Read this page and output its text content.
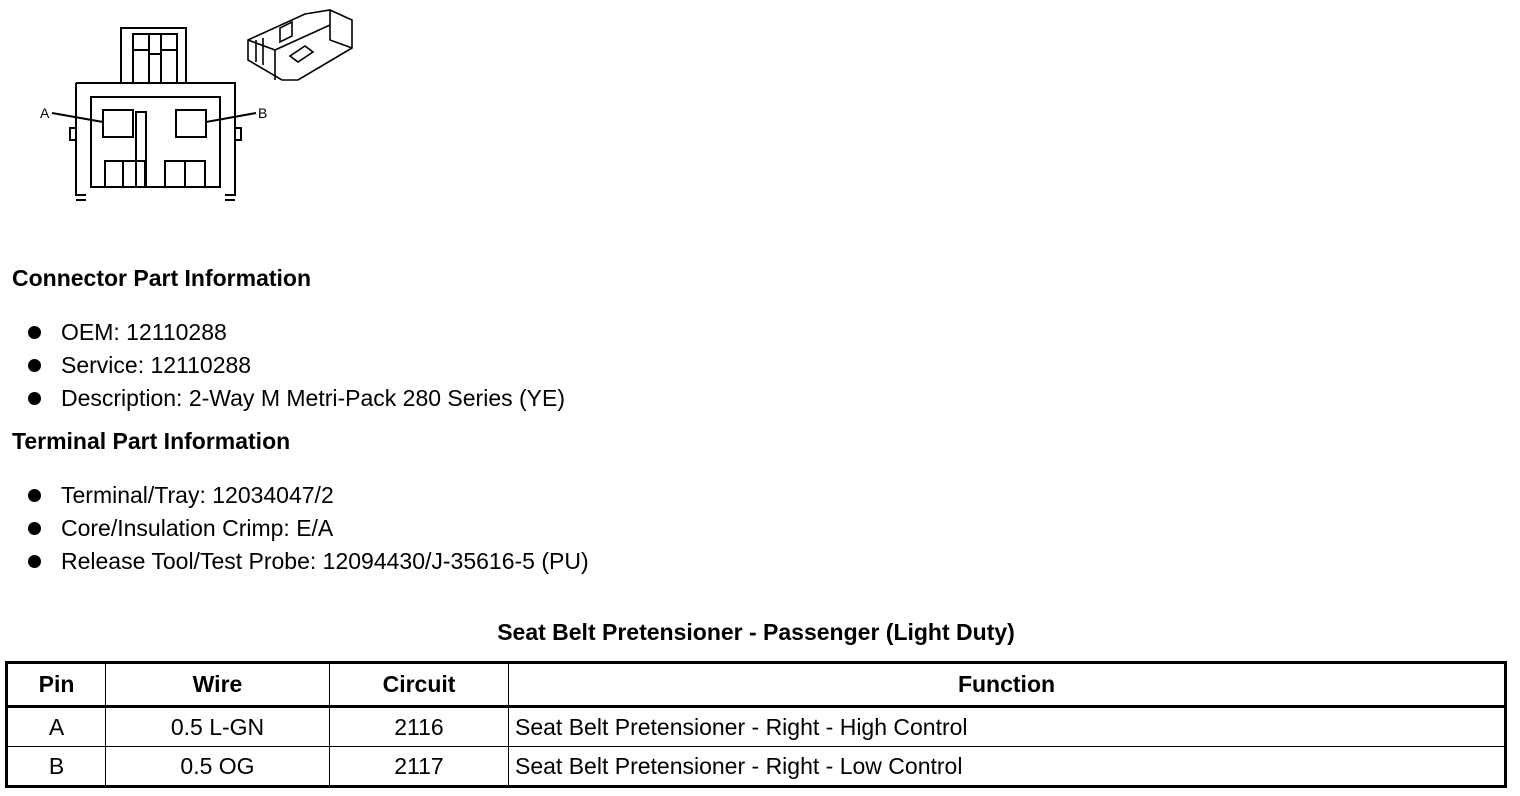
A	B
Connector Part Information
OEM: 12110288
Service: 12110288
Description: 2-Way M Metri-Pack 280 Series (YE)
Terminal Part Information
Terminal/Tray: 12034047/2
Core/Insulation Crimp: E/A
Release Tool/Test Probe: 12094430/J-35616-5 (PU)
Seat Belt Pretensioner - Passenger (Light Duty)
Pin	Wire	Circuit	Function
A	0.5 L-GN	2116	Seat Belt Pretensioner - Right - High Control
B	0.5 OG	2117	Seat Belt Pretensioner - Right - Low Control
